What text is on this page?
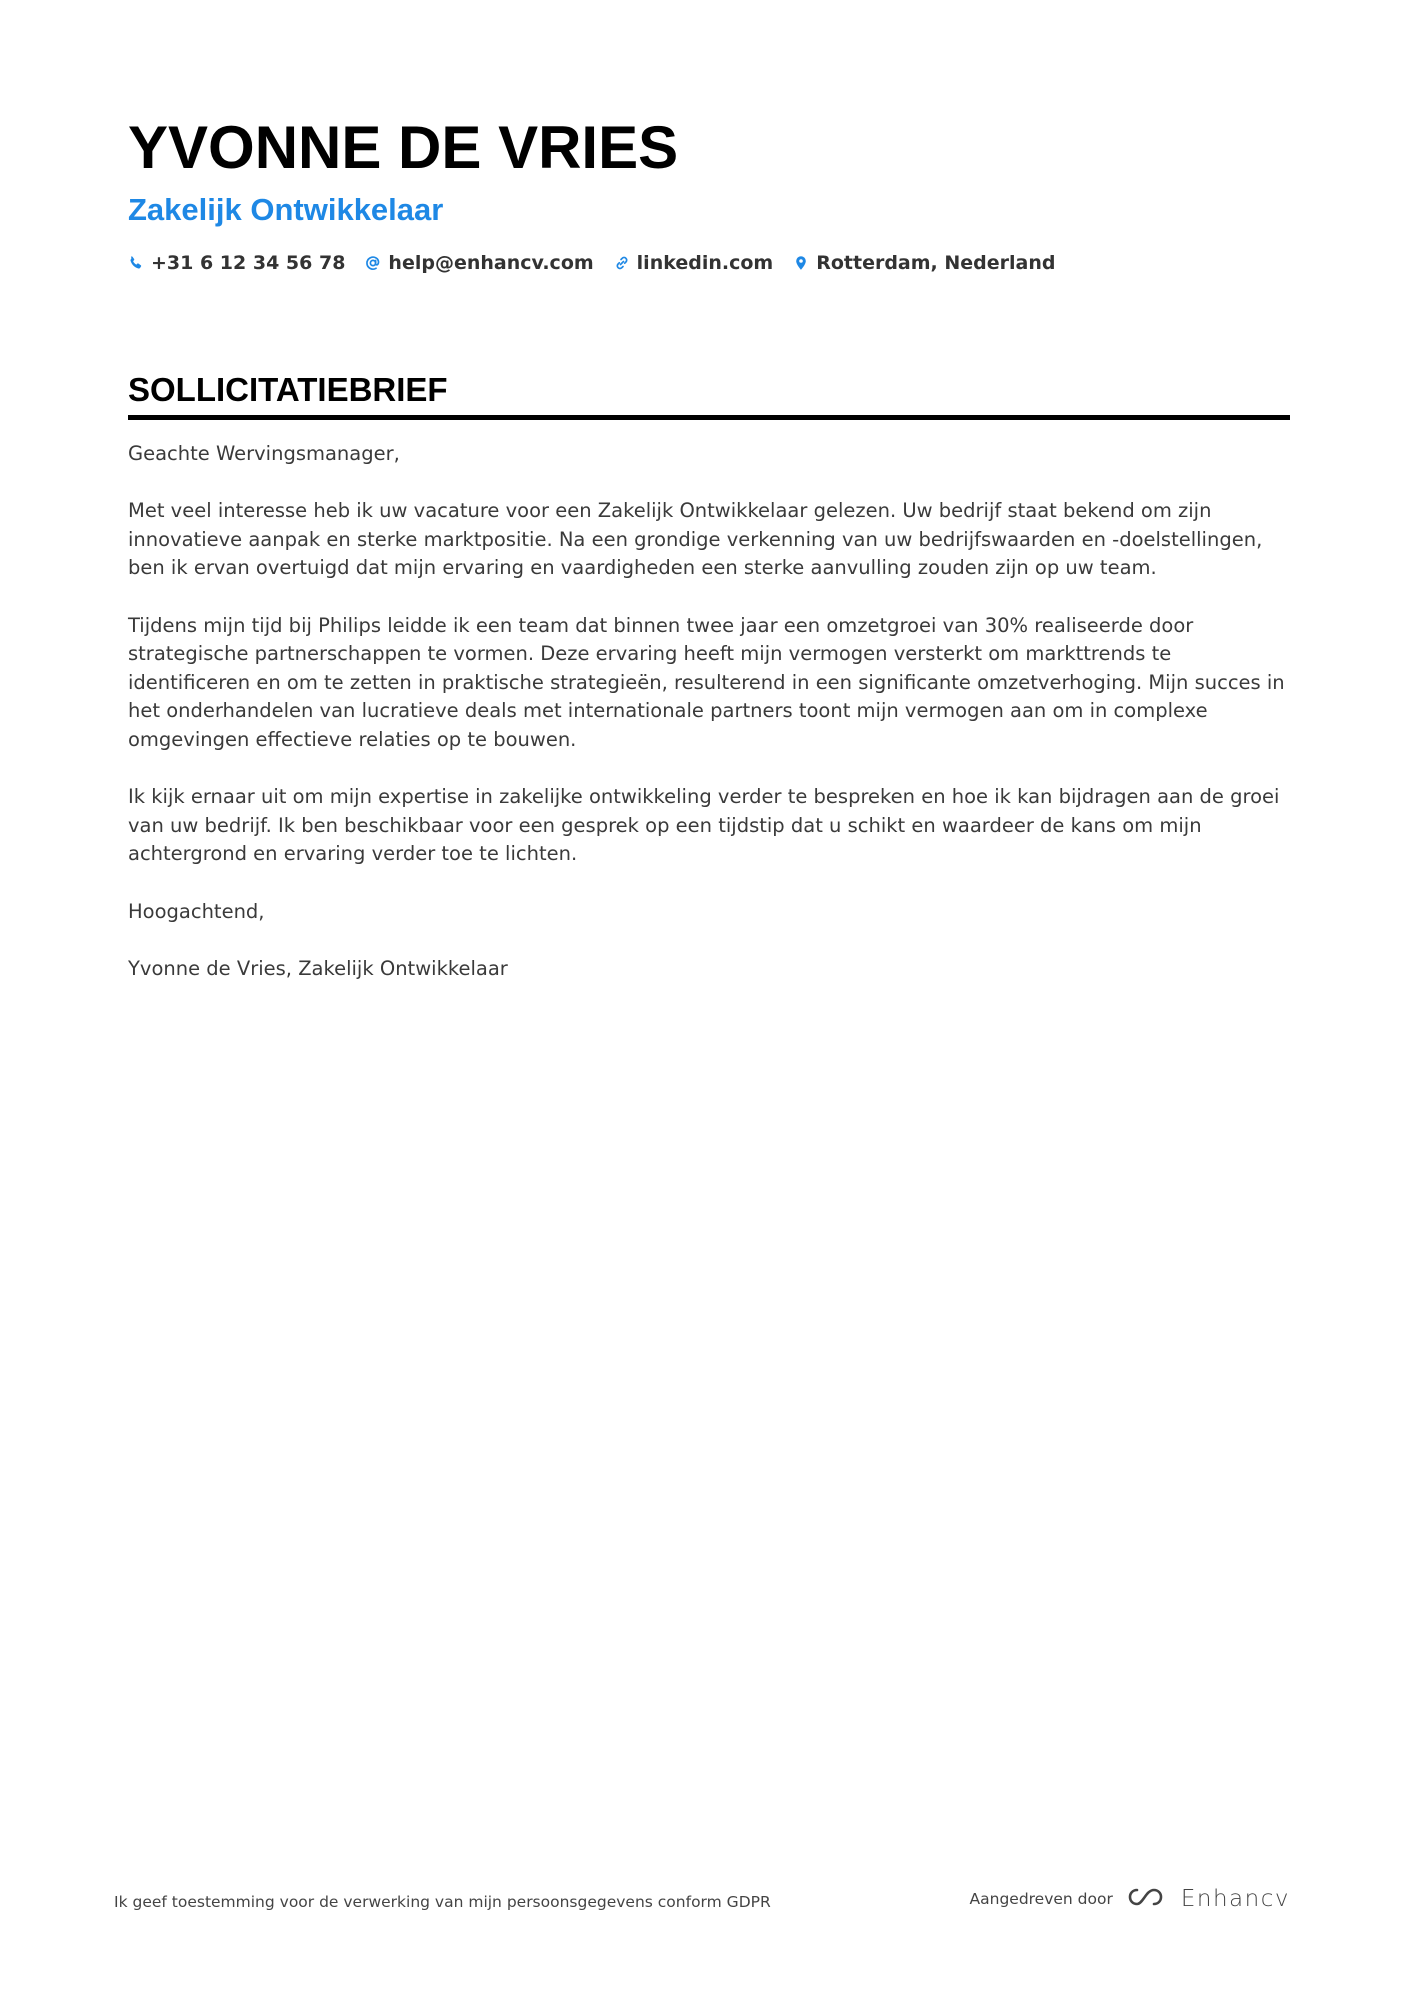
YVONNE DE VRIES
Zakelijk Ontwikkelaar
+31 6 12 34 56 78 help@enhancv.com linkedin.com Rotterdam, Nederland
SOLLICITATIEBRIEF

Geachte Wervingsmanager,

Met veel interesse heb ik uw vacature voor een Zakelijk Ontwikkelaar gelezen. Uw bedrijf staat bekend om zijn innovatieve aanpak en sterke marktpositie. Na een grondige verkenning van uw bedrijfswaarden en -doelstellingen, ben ik ervan overtuigd dat mijn ervaring en vaardigheden een sterke aanvulling zouden zijn op uw team.

Tijdens mijn tijd bij Philips leidde ik een team dat binnen twee jaar een omzetgroei van 30% realiseerde door strategische partnerschappen te vormen. Deze ervaring heeft mijn vermogen versterkt om markttrends te identificeren en om te zetten in praktische strategieën, resulterend in een significante omzetverhoging. Mijn succes in het onderhandelen van lucratieve deals met internationale partners toont mijn vermogen aan om in complexe omgevingen effectieve relaties op te bouwen.

Ik kijk ernaar uit om mijn expertise in zakelijke ontwikkeling verder te bespreken en hoe ik kan bijdragen aan de groei van uw bedrijf. Ik ben beschikbaar voor een gesprek op een tijdstip dat u schikt en waardeer de kans om mijn achtergrond en ervaring verder toe te lichten.

Hoogachtend,

Yvonne de Vries, Zakelijk Ontwikkelaar

Ik geef toestemming voor de verwerking van mijn persoonsgegevens conform GDPR	Aangedreven door	Enhancv
